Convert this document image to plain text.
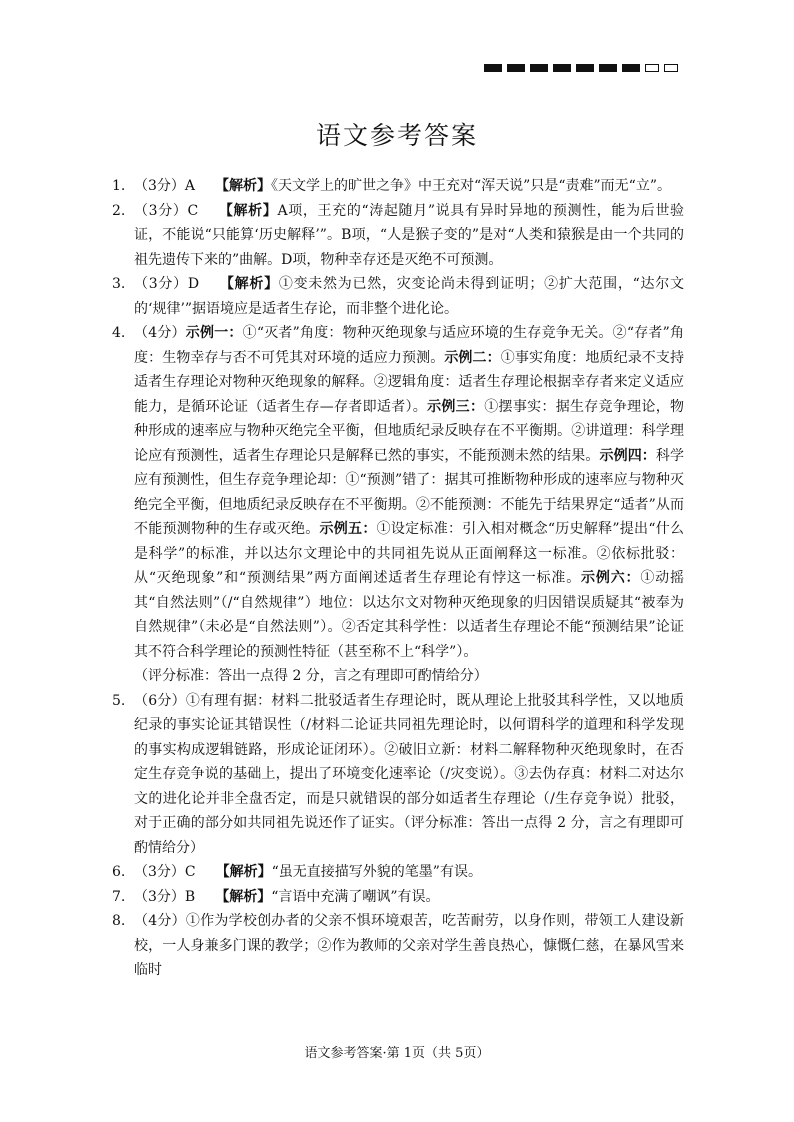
语文参考答案
1. （3分）A 【解析】《天文学上的旷世之争》中王充对“浑天说”只是“责难”而无“立”。
2. （3分）C 【解析】A项，王充的“涛起随月”说具有异时异地的预测性，能为后世验证，不能说“只能算‘历史解释’”。B项，“人是猴子变的”是对“人类和猿猴是由一个共同的祖先遗传下来的”曲解。D项，物种幸存还是灭绝不可预测。
3. （3分）D 【解析】①变未然为已然，灾变论尚未得到证明；②扩大范围，“达尔文的‘规律’”据语境应是适者生存论，而非整个进化论。
4. （4分）示例一：①“灭者”角度：物种灭绝现象与适应环境的生存竞争无关。②“存者”角度：生物幸存与否不可凭其对环境的适应力预测。示例二：①事实角度：地质纪录不支持适者生存理论对物种灭绝现象的解释。②逻辑角度：适者生存理论根据幸存者来定义适应能力，是循环论证（适者生存—存者即适者）。示例三：①摆事实：据生存竞争理论，物种形成的速率应与物种灭绝完全平衡，但地质纪录反映存在不平衡期。②讲道理：科学理论应有预测性，适者生存理论只是解释已然的事实，不能预测未然的结果。示例四：科学应有预测性，但生存竞争理论却：①“预测”错了：据其可推断物种形成的速率应与物种灭绝完全平衡，但地质纪录反映存在不平衡期。②不能预测：不能先于结果界定“适者”从而不能预测物种的生存或灭绝。示例五：①设定标准：引入相对概念“历史解释”提出“什么是科学”的标准，并以达尔文理论中的共同祖先说从正面阐释这一标准。②依标批驳：从“灭绝现象”和“预测结果”两方面阐述适者生存理论有悖这一标准。示例六：①动摇其“自然法则”（/“自然规律”）地位：以达尔文对物种灭绝现象的归因错误质疑其“被奉为自然规律”（未必是“自然法则”）。②否定其科学性：以适者生存理论不能“预测结果”论证其不符合科学理论的预测性特征（甚至称不上“科学”）。
（评分标准：答出一点得 2 分，言之有理即可酌情给分）
5. （6分）①有理有据：材料二批驳适者生存理论时，既从理论上批驳其科学性，又以地质纪录的事实论证其错误性（/材料二论证共同祖先理论时，以何谓科学的道理和科学发现的事实构成逻辑链路，形成论证闭环）。②破旧立新：材料二解释物种灭绝现象时，在否定生存竞争说的基础上，提出了环境变化速率论（/灾变说）。③去伪存真：材料二对达尔文的进化论并非全盘否定，而是只就错误的部分如适者生存理论（/生存竞争说）批驳，对于正确的部分如共同祖先说还作了证实。（评分标准：答出一点得 2 分，言之有理即可酌情给分）
6. （3分）C 【解析】“虽无直接描写外貌的笔墨”有误。
7. （3分）B 【解析】“言语中充满了嘲讽”有误。
8. （4分）①作为学校创办者的父亲不惧环境艰苦，吃苦耐劳，以身作则，带领工人建设新校，一人身兼多门课的教学；②作为教师的父亲对学生善良热心，慷慨仁慈，在暴风雪来临时
语文参考答案·第 1页（共 5页）
